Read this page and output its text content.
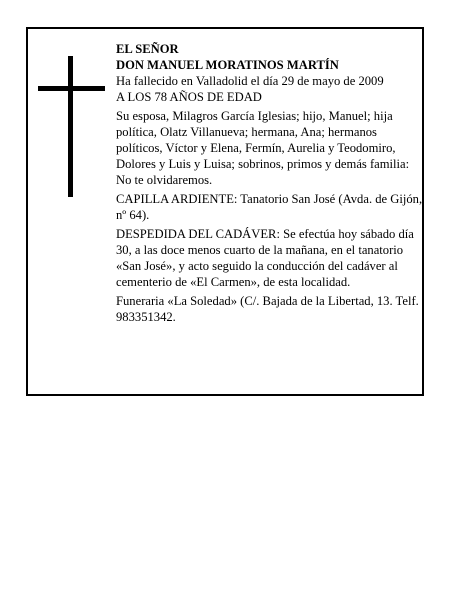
EL SEÑOR

DON MANUEL MORATINOS MARTÍN

Ha fallecido en Valladolid el día 29 de mayo de 2009

A LOS 78 AÑOS DE EDAD

Su esposa, Milagros García Iglesias; hijo, Manuel; hija política, Olatz Villanueva; hermana, Ana; hermanos políticos, Víctor y Elena, Fermín, Aurelia y Teodomiro, Dolores y Luis y Luisa; sobrinos, primos y demás familia:

No te olvidaremos.

CAPILLA ARDIENTE: Tanatorio San José (Avda. de Gijón, nº 64).

DESPEDIDA DEL CADÁVER: Se efectúa hoy sábado día 30, a las doce menos cuarto de la mañana, en el tanatorio «San José», y acto seguido la conducción del cadáver al cementerio de «El Carmen», de esta localidad.

Funeraria «La Soledad» (C/. Bajada de la Libertad, 13. Telf. 983351342.
